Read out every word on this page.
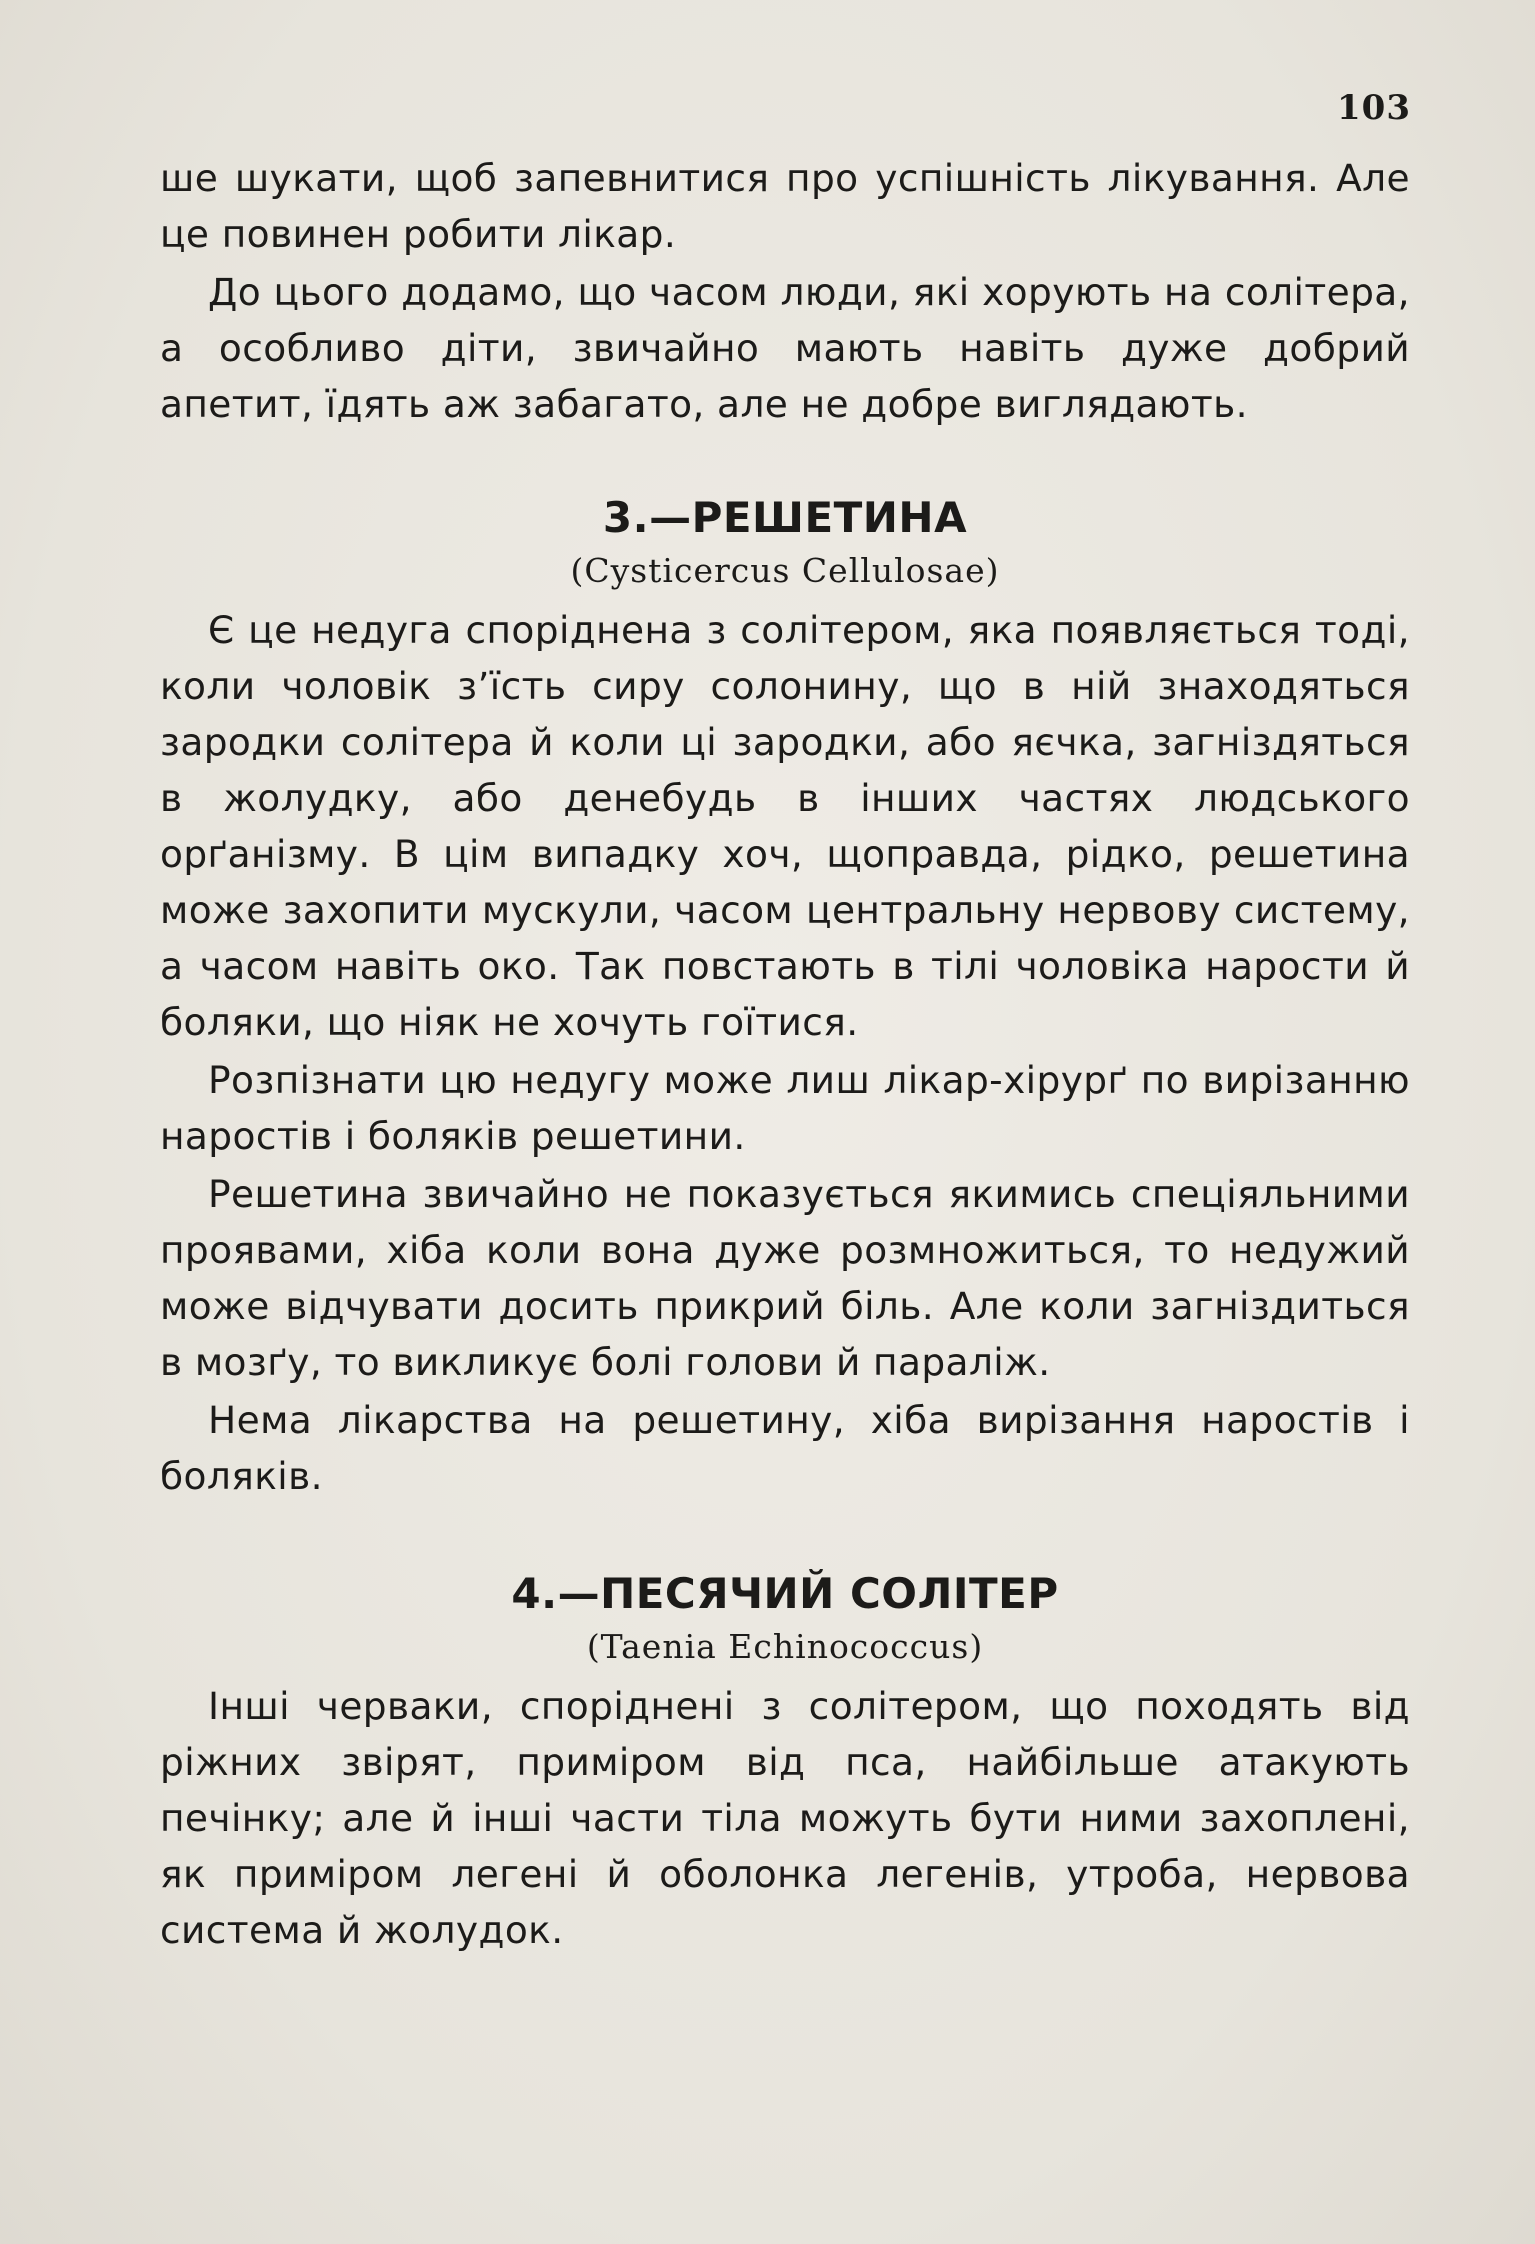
103

ше шукати, щоб запевнитися про успішність лікування. Але це повинен робити лікар.

До цього додамо, що часом люди, які хорують на солітера, а особливо діти, звичайно мають навіть дуже добрий апетит, їдять аж забагато, але не добре виглядають.

3.—РЕШЕТИНА
(Cysticercus Cellulosae)

Є це недуга споріднена з солітером, яка появляється тоді, коли чоловік з’їсть сиру солонину, що в ній знаходяться зародки солітера й коли ці зародки, або яєчка, загніздяться в жолудку, або денебудь в інших частях людського орґанізму. В цім випадку хоч, щоправда, рідко, решетина може захопити мускули, часом центральну нервову систему, а часом навіть око. Так повстають в тілі чоловіка нарости й боляки, що ніяк не хочуть гоїтися.

Розпізнати цю недугу може лиш лікар-хірурґ по вирізанню наростів і боляків решетини.

Решетина звичайно не показується якимись спеціяльними проявами, хіба коли вона дуже розмножиться, то недужий може відчувати досить прикрий біль. Але коли загніздиться в мозґу, то викликує болі голови й параліж.

Нема лікарства на решетину, хіба вирізання наростів і боляків.

4.—ПЕСЯЧИЙ СОЛІТЕР
(Taenia Echinococcus)

Інші черваки, споріднені з солітером, що походять від ріжних звірят, приміром від пса, найбільше атакують печінку; але й інші части тіла можуть бути ними захоплені, як приміром легені й оболонка легенів, утроба, нервова система й жолудок.
